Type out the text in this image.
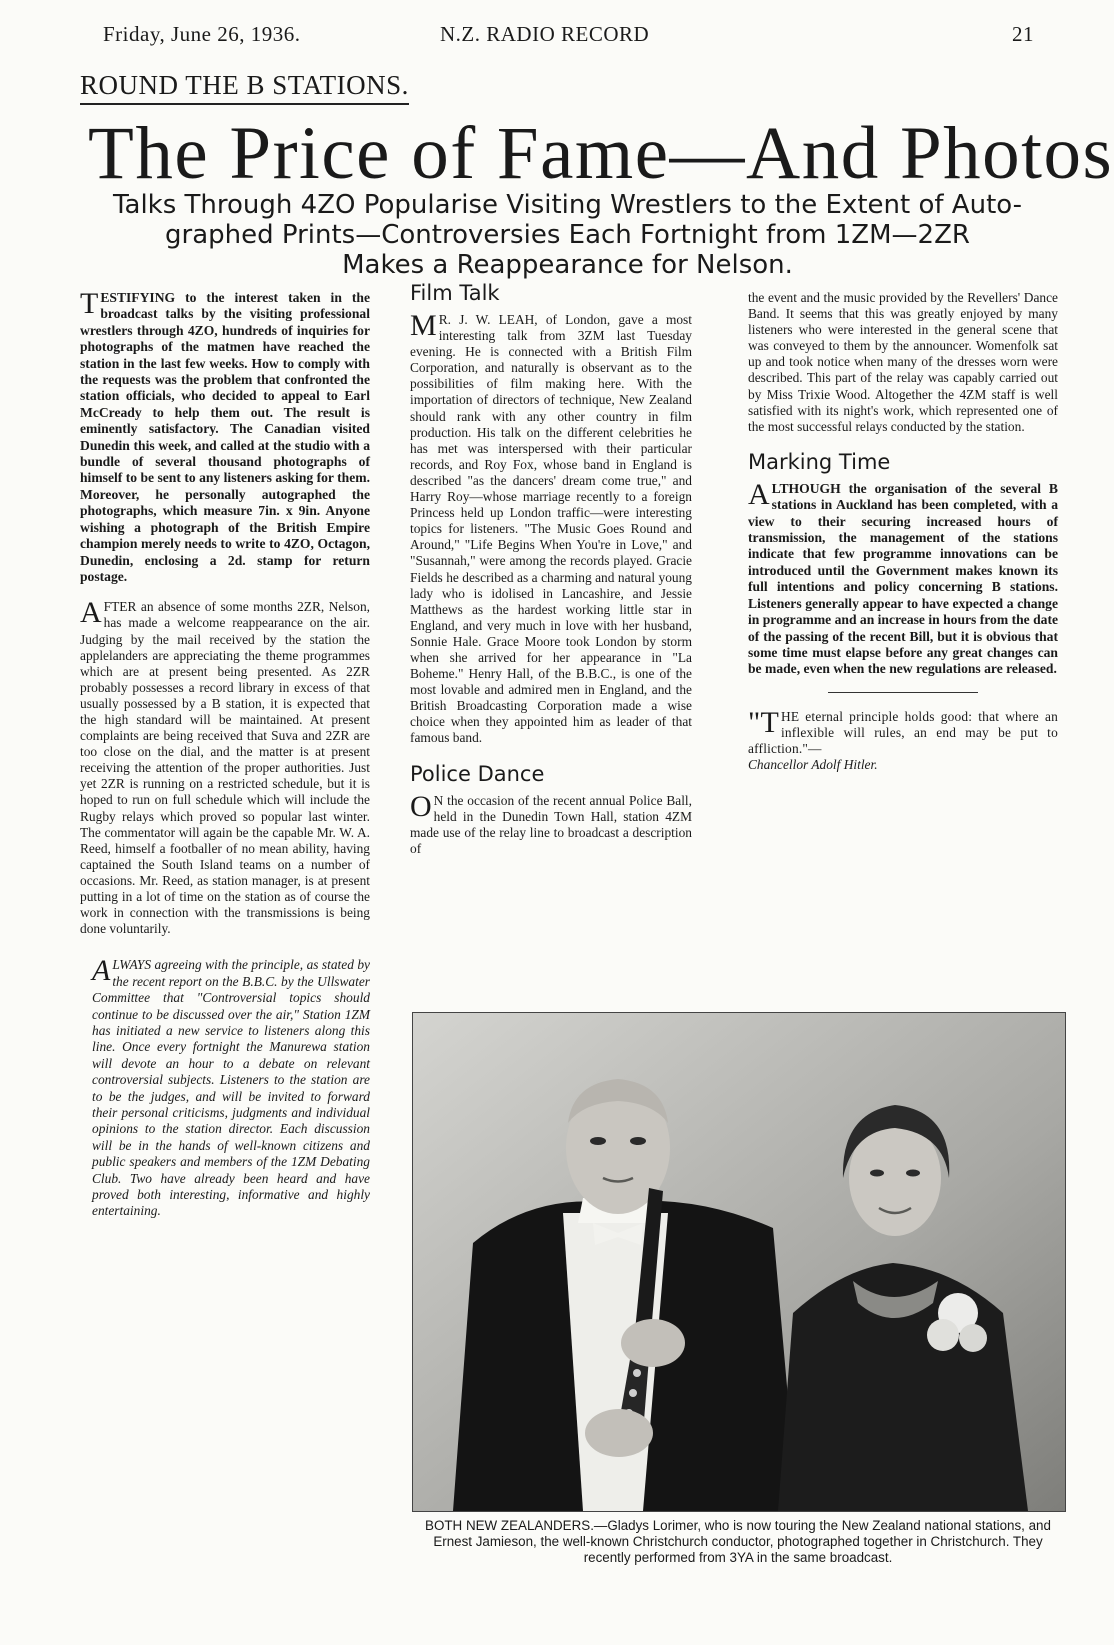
Friday, June 26, 1936.	N.Z. RADIO RECORD	21
ROUND THE B STATIONS.
The Price of Fame—And Photos
Talks Through 4ZO Popularise Visiting Wrestlers to the Extent of Auto-
graphed Prints—Controversies Each Fortnight from 1ZM—2ZR
Makes a Reappearance for Nelson.

TESTIFYING to the interest taken in the broadcast talks by the visiting professional wrestlers through 4ZO, hundreds of inquiries for photographs of the matmen have reached the station in the last few weeks. How to comply with the requests was the problem that confronted the station officials, who decided to appeal to Earl McCready to help them out. The result is eminently satisfactory. The Canadian visited Dunedin this week, and called at the studio with a bundle of several thousand photographs of himself to be sent to any listeners asking for them. Moreover, he personally autographed the photographs, which measure 7in. x 9in. Anyone wishing a photograph of the British Empire champion merely needs to write to 4ZO, Octagon, Dunedin, enclosing a 2d. stamp for return postage.

AFTER an absence of some months 2ZR, Nelson, has made a welcome reappearance on the air. Judging by the mail received by the station the applelanders are appreciating the theme programmes which are at present being presented. As 2ZR probably possesses a record library in excess of that usually possessed by a B station, it is expected that the high standard will be maintained. At present complaints are being received that Suva and 2ZR are too close on the dial, and the matter is at present receiving the attention of the proper authorities. Just yet 2ZR is running on a restricted schedule, but it is hoped to run on full schedule which will include the Rugby relays which proved so popular last winter. The commentator will again be the capable Mr. W. A. Reed, himself a footballer of no mean ability, having captained the South Island teams on a number of occasions. Mr. Reed, as station manager, is at present putting in a lot of time on the station as of course the work in connection with the transmissions is being done voluntarily.

ALWAYS agreeing with the principle, as stated by the recent report on the B.B.C. by the Ullswater Committee that "Controversial topics should continue to be discussed over the air," Station 1ZM has initiated a new service to listeners along this line. Once every fortnight the Manurewa station will devote an hour to a debate on relevant controversial subjects. Listeners to the station are to be the judges, and will be invited to forward their personal criticisms, judgments and individual opinions to the station director. Each discussion will be in the hands of well-known citizens and public speakers and members of the 1ZM Debating Club. Two have already been heard and have proved both interesting, informative and highly entertaining.

Film Talk

MR. J. W. LEAH, of London, gave a most interesting talk from 3ZM last Tuesday evening. He is connected with a British Film Corporation, and naturally is observant as to the possibilities of film making here. With the importation of directors of technique, New Zealand should rank with any other country in film production. His talk on the different celebrities he has met was interspersed with their particular records, and Roy Fox, whose band in England is described "as the dancers' dream come true," and Harry Roy—whose marriage recently to a foreign Princess held up London traffic—were interesting topics for listeners. "The Music Goes Round and Around," "Life Begins When You're in Love," and "Susannah," were among the records played. Gracie Fields he described as a charming and natural young lady who is idolised in Lancashire, and Jessie Matthews as the hardest working little star in England, and very much in love with her husband, Sonnie Hale. Grace Moore took London by storm when she arrived for her appearance in "La Boheme." Henry Hall, of the B.B.C., is one of the most lovable and admired men in England, and the British Broadcasting Corporation made a wise choice when they appointed him as leader of that famous band.

Police Dance

ON the occasion of the recent annual Police Ball, held in the Dunedin Town Hall, station 4ZM made use of the relay line to broadcast a description of

the event and the music provided by the Revellers' Dance Band. It seems that this was greatly enjoyed by many listeners who were interested in the general scene that was conveyed to them by the announcer. Womenfolk sat up and took notice when many of the dresses worn were described. This part of the relay was capably carried out by Miss Trixie Wood. Altogether the 4ZM staff is well satisfied with its night's work, which represented one of the most successful relays conducted by the station.

Marking Time

ALTHOUGH the organisation of the several B stations in Auckland has been completed, with a view to their securing increased hours of transmission, the management of the stations indicate that few programme innovations can be introduced until the Government makes known its full intentions and policy concerning B stations. Listeners generally appear to have expected a change in programme and an increase in hours from the date of the passing of the recent Bill, but it is obvious that some time must elapse before any great changes can be made, even when the new regulations are released.

"THE eternal principle holds good: that where an inflexible will rules, an end may be put to affliction."—

Chancellor Adolf Hitler.

BOTH NEW ZEALANDERS.—Gladys Lorimer, who is now touring the New Zealand national stations, and Ernest Jamieson, the well-known Christchurch conductor, photographed together in Christchurch. They recently performed from 3YA in the same broadcast.
